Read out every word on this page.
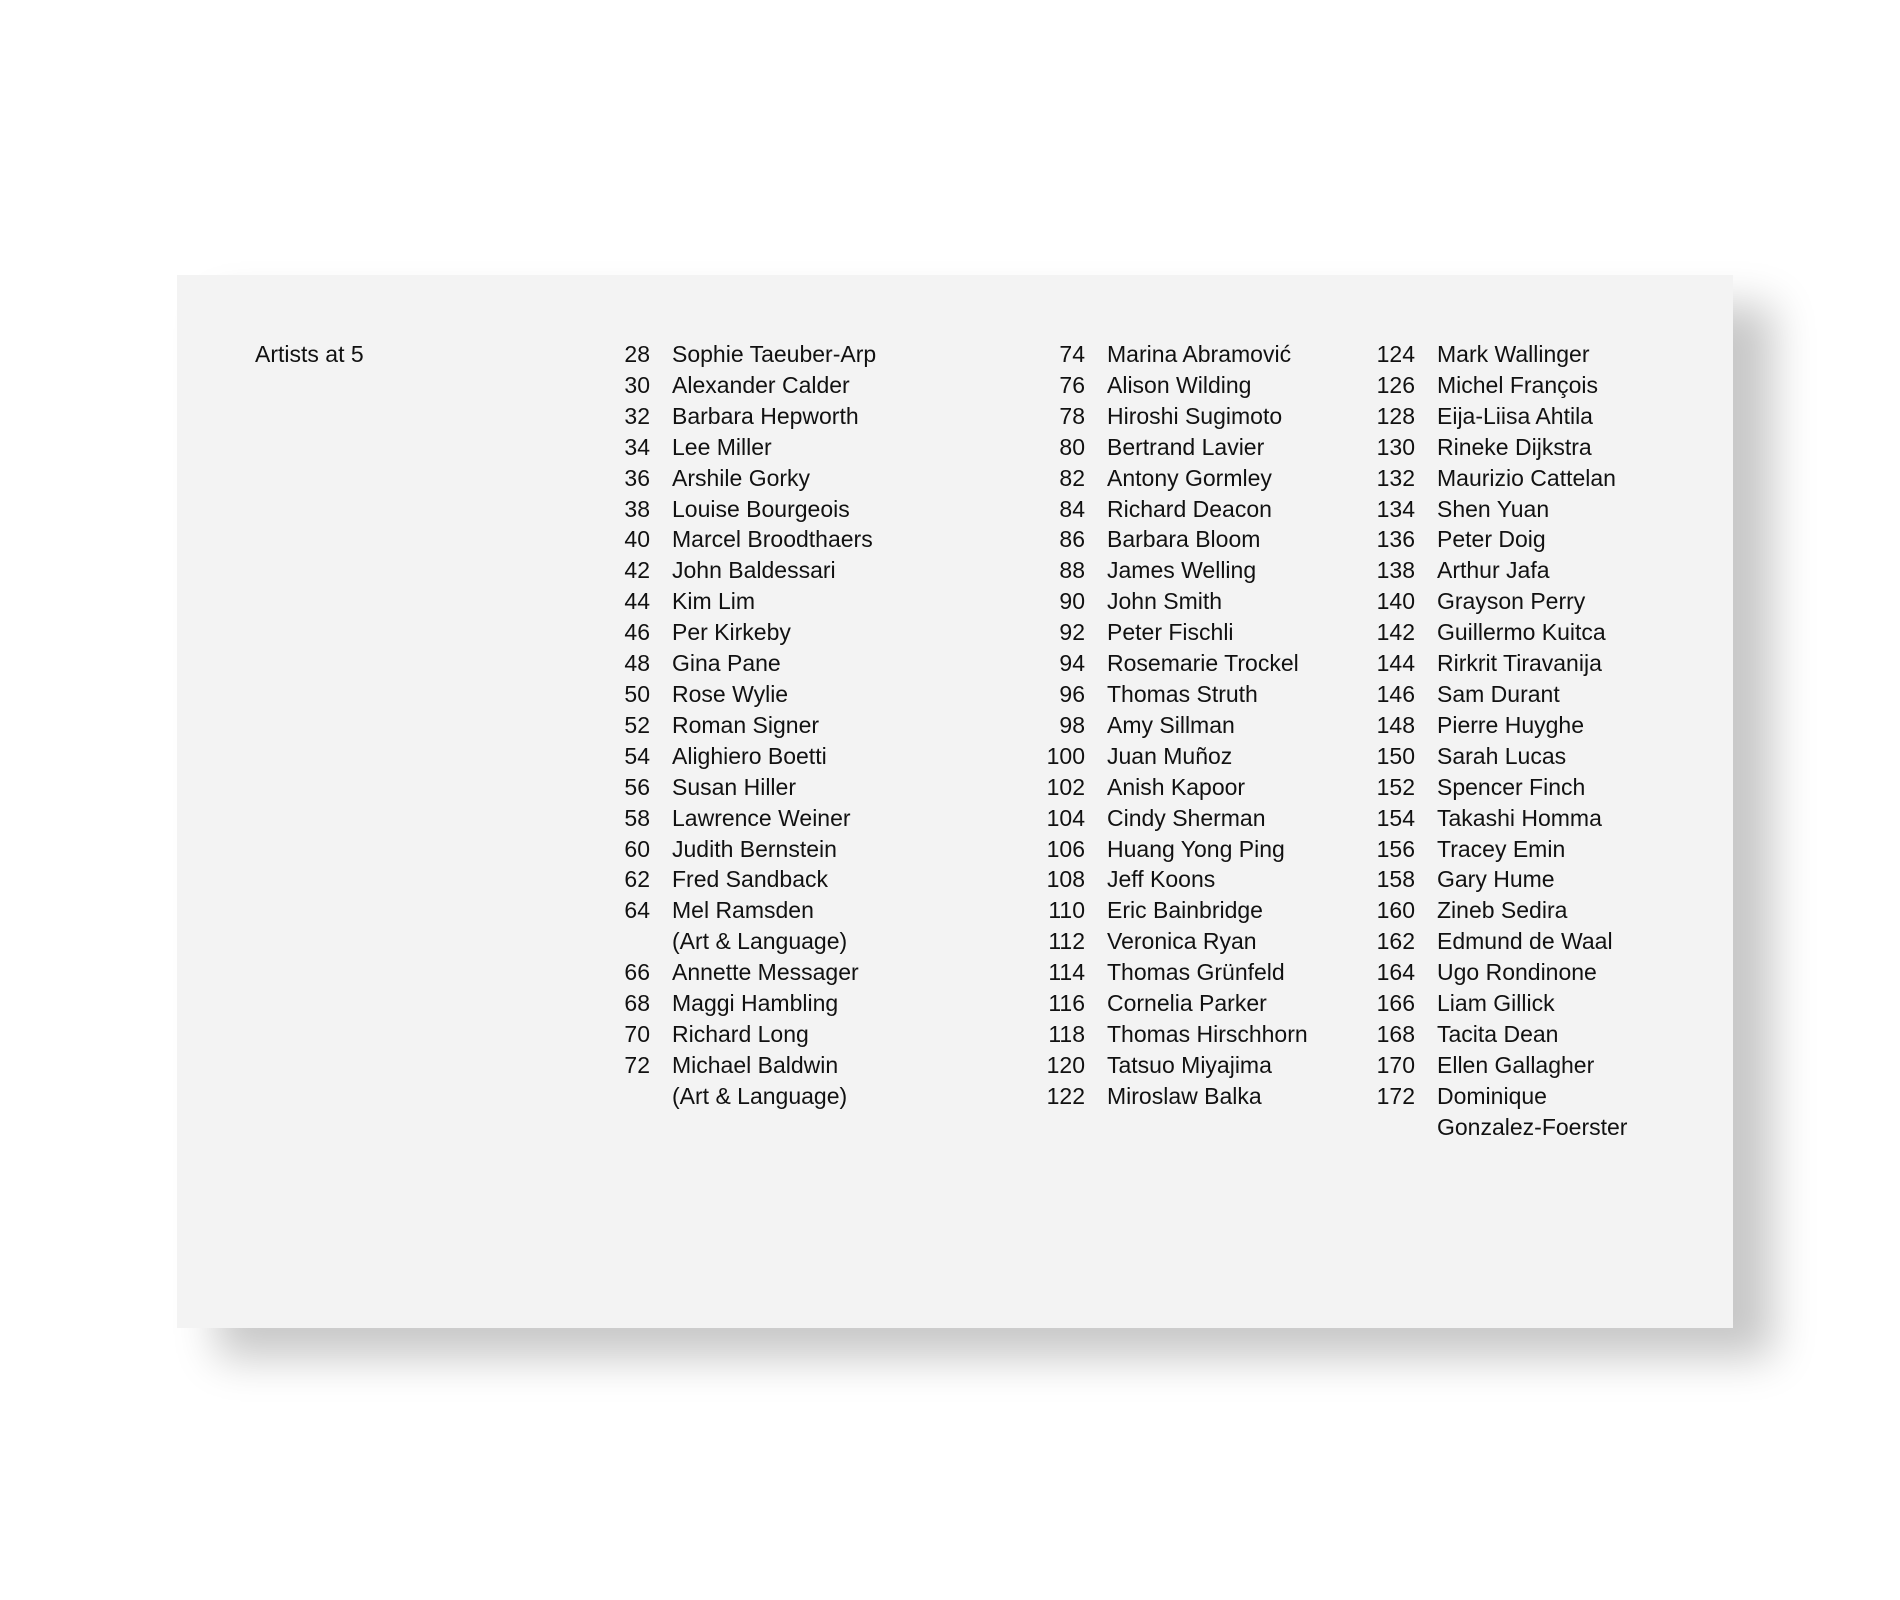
Artists at 5	28 Sophie Taeuber-Arp
30 Alexander Calder
32 Barbara Hepworth
34 Lee Miller
36 Arshile Gorky
38 Louise Bourgeois
40 Marcel Broodthaers
42 John Baldessari
44 Kim Lim
46 Per Kirkeby
48 Gina Pane
50 Rose Wylie
52 Roman Signer
54 Alighiero Boetti
56 Susan Hiller
58 Lawrence Weiner
60 Judith Bernstein
62 Fred Sandback
64 Mel Ramsden
(Art & Language)
66 Annette Messager
68 Maggi Hambling
70 Richard Long
72 Michael Baldwin
(Art & Language)
74 Marina Abramović
76 Alison Wilding
78 Hiroshi Sugimoto
80 Bertrand Lavier
82 Antony Gormley
84 Richard Deacon
86 Barbara Bloom
88 James Welling
90 John Smith
92 Peter Fischli
94 Rosemarie Trockel
96 Thomas Struth
98 Amy Sillman
100 Juan Muñoz
102 Anish Kapoor
104 Cindy Sherman
106 Huang Yong Ping
108 Jeff Koons
110 Eric Bainbridge
112 Veronica Ryan
114 Thomas Grünfeld
116 Cornelia Parker
118 Thomas Hirschhorn
120 Tatsuo Miyajima
122 Miroslaw Balka
124 Mark Wallinger
126 Michel François
128 Eija-Liisa Ahtila
130 Rineke Dijkstra
132 Maurizio Cattelan
134 Shen Yuan
136 Peter Doig
138 Arthur Jafa
140 Grayson Perry
142 Guillermo Kuitca
144 Rirkrit Tiravanija
146 Sam Durant
148 Pierre Huyghe
150 Sarah Lucas
152 Spencer Finch
154 Takashi Homma
156 Tracey Emin
158 Gary Hume
160 Zineb Sedira
162 Edmund de Waal
164 Ugo Rondinone
166 Liam Gillick
168 Tacita Dean
170 Ellen Gallagher
172 Dominique
Gonzalez-Foerster
